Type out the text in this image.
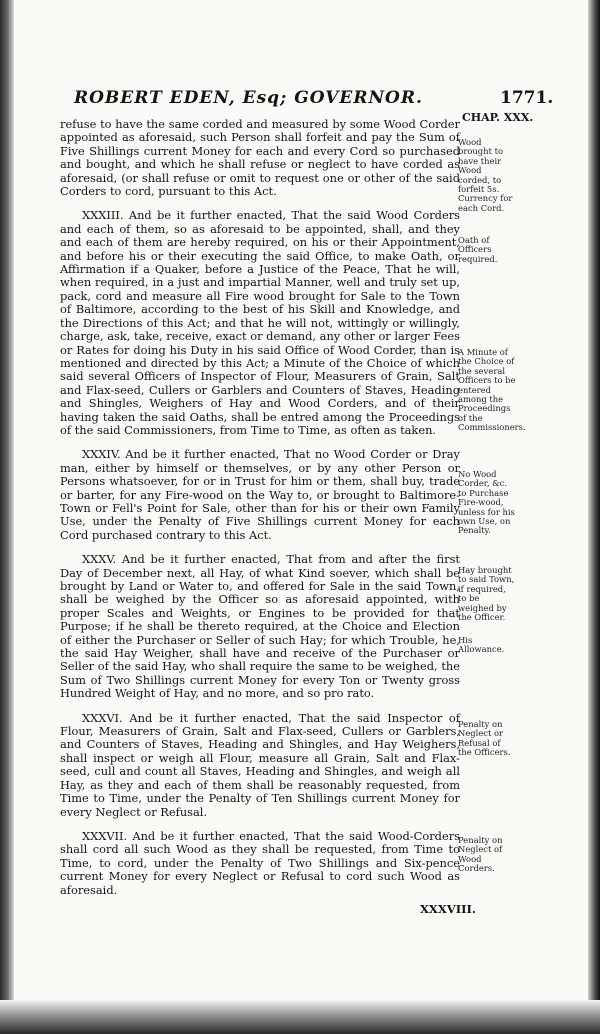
ROBERT EDEN, Esq; GOVERNOR.	1771.
CHAP. XXX.

refuse to have the same corded and measured by some Wood Corder appointed as aforesaid, such Person shall forfeit and pay the Sum of Five Shillings current Money for each and every Cord so purchased and bought, and which he shall refuse or neglect to have corded as aforesaid, (or shall refuse or omit to request one or other of the said Corders to cord, pursuant to this Act.

XXXIII. And be it further enacted, That the said Wood Corders and each of them, so as aforesaid to be appointed, shall, and they and each of them are hereby required, on his or their Appointment, and before his or their executing the said Office, to make Oath, or Affirmation if a Quaker, before a Justice of the Peace, That he will, when required, in a just and impartial Manner, well and truly set up, pack, cord and measure all Fire wood brought for Sale to the Town of Baltimore, according to the best of his Skill and Knowledge, and the Directions of this Act; and that he will not, wittingly or willingly, charge, ask, take, receive, exact or demand, any other or larger Fees or Rates for doing his Duty in his said Office of Wood Corder, than is mentioned and directed by this Act; a Minute of the Choice of which said several Officers of Inspector of Flour, Measurers of Grain, Salt and Flax-seed, Cullers or Garblers and Counters of Staves, Heading and Shingles, Weighers of Hay and Wood Corders, and of their having taken the said Oaths, shall be entred among the Proceedings of the said Commissioners, from Time to Time, as often as taken.

XXXIV. And be it further enacted, That no Wood Corder or Dray man, either by himself or themselves, or by any other Person or Persons whatsoever, for or in Trust for him or them, shall buy, trade or barter, for any Fire-wood on the Way to, or brought to Baltimore-Town or Fell's Point for Sale, other than for his or their own Family Use, under the Penalty of Five Shillings current Money for each Cord purchased contrary to this Act.

XXXV. And be it further enacted, That from and after the first Day of December next, all Hay, of what Kind soever, which shall be brought by Land or Water to, and offered for Sale in the said Town, shall be weighed by the Officer so as aforesaid appointed, with proper Scales and Weights, or Engines to be provided for that Purpose; if he shall be thereto required, at the Choice and Election of either the Purchaser or Seller of such Hay; for which Trouble, he, the said Hay Weigher, shall have and receive of the Purchaser or Seller of the said Hay, who shall require the same to be weighed, the Sum of Two Shillings current Money for every Ton or Twenty gross Hundred Weight of Hay, and no more, and so pro rato.

XXXVI. And be it further enacted, That the said Inspector of Flour, Measurers of Grain, Salt and Flax-seed, Cullers or Garblers, and Counters of Staves, Heading and Shingles, and Hay Weighers, shall inspect or weigh all Flour, measure all Grain, Salt and Flax-seed, cull and count all Staves, Heading and Shingles, and weigh all Hay, as they and each of them shall be reasonably requested, from Time to Time, under the Penalty of Ten Shillings current Money for every Neglect or Refusal.

XXXVII. And be it further enacted, That the said Wood-Corders shall cord all such Wood as they shall be requested, from Time to Time, to cord, under the Penalty of Two Shillings and Six-pence current Money for every Neglect or Refusal to cord such Wood as aforesaid.

Wood brought to have their Wood corded, to forfeit 5s. Currency for each Cord.
Oath of Officers required.
A Minute of the Choice of the several Officers to be entered among the Proceedings of the Commissioners.
No Wood Corder, &c. to Purchase Fire-wood, unless for his own Use, on Penalty.
Hay brought to said Town, if required, to be weighed by the Officer.
His Allowance.
Penalty on Neglect or Refusal of the Officers.
Penalty on Neglect of Wood Corders.
XXXVIII.
